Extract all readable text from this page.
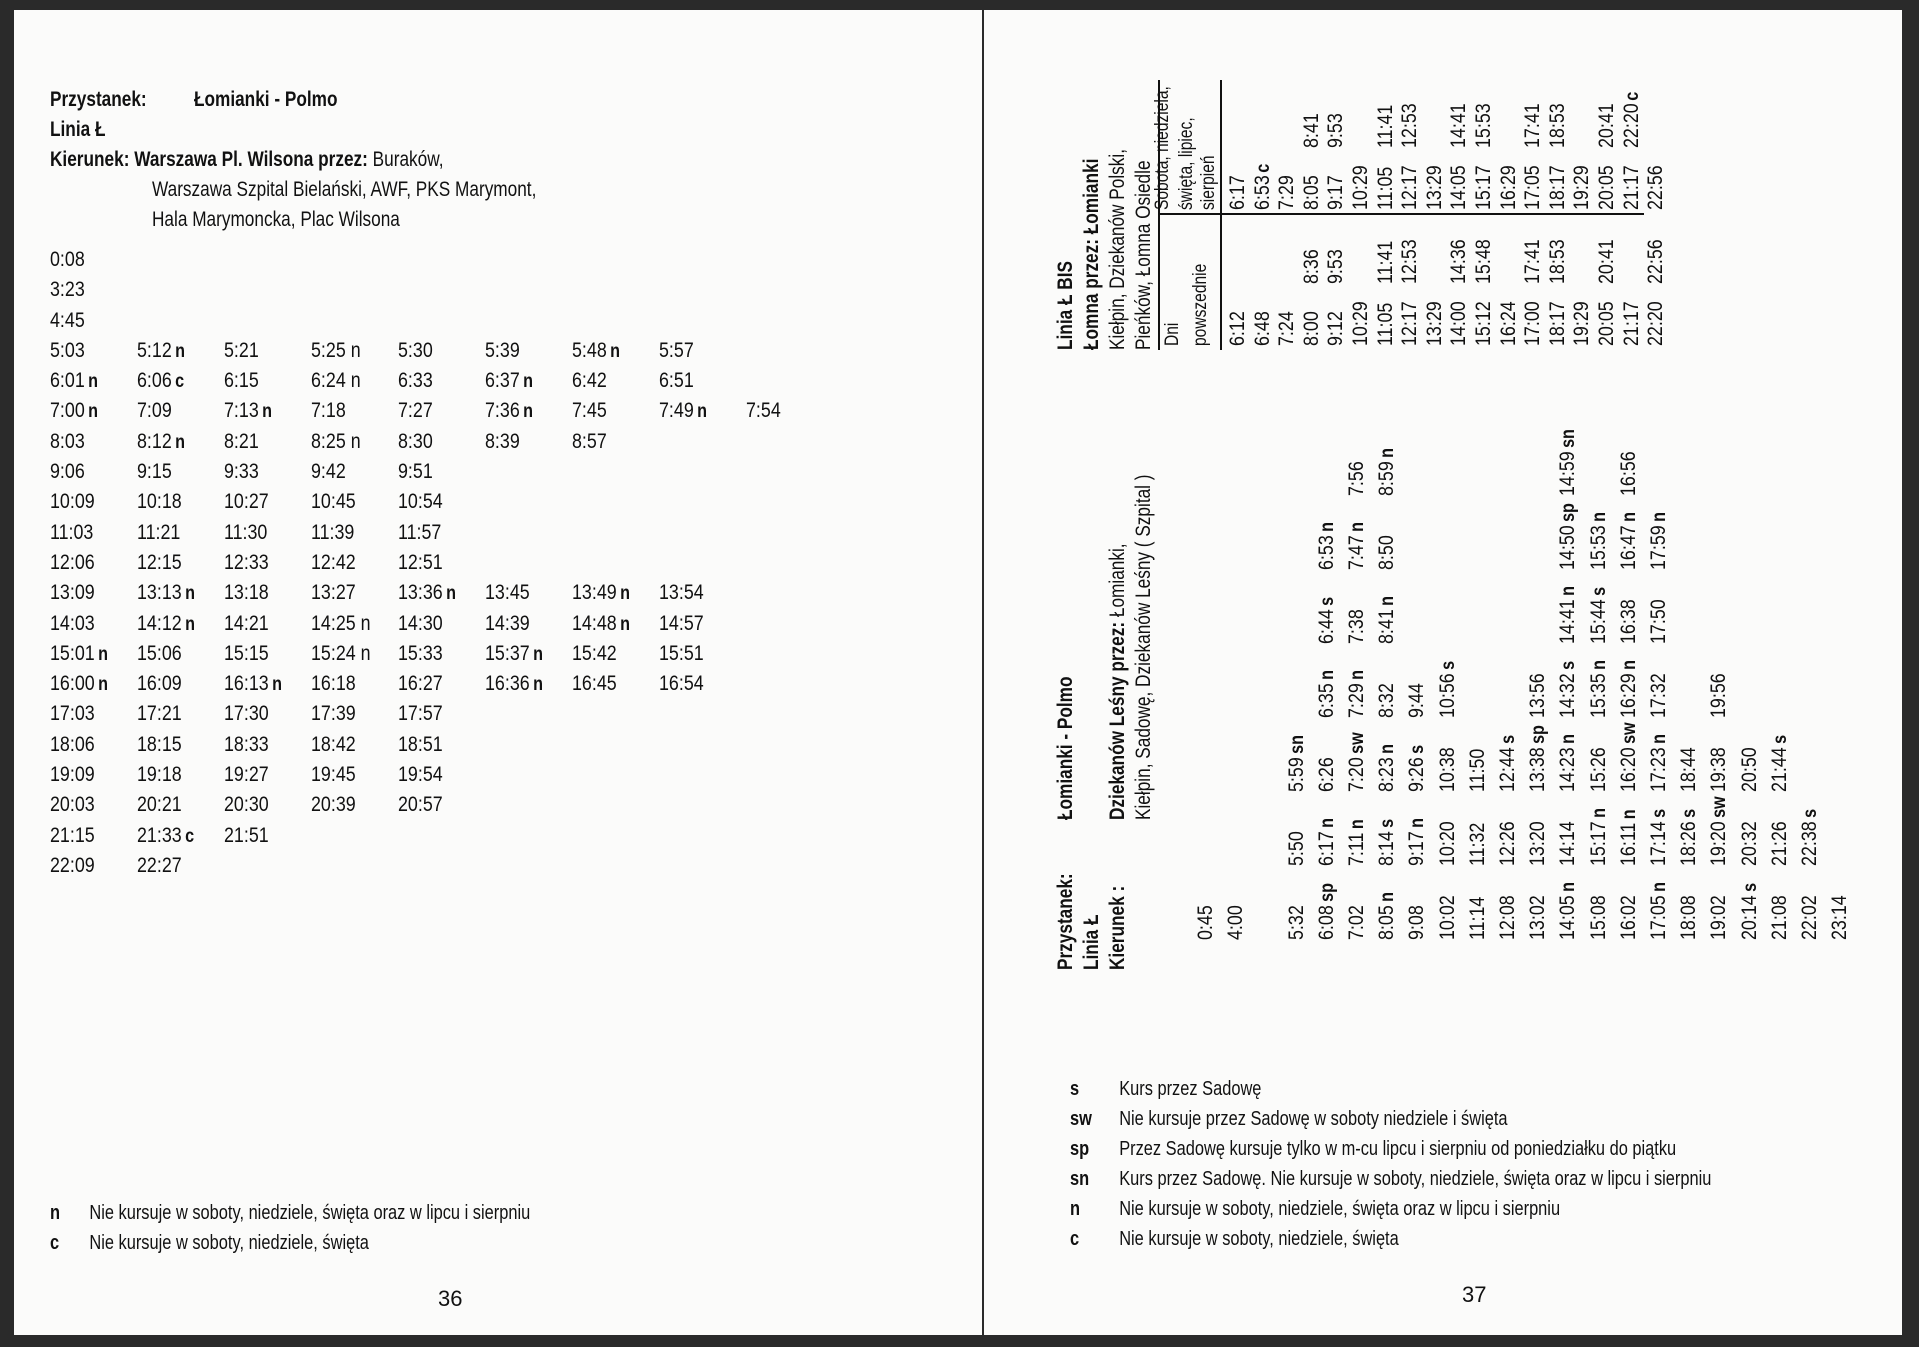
Przystanek: Łomianki - Polmo
Linia Ł
Kierunek: Warszawa Pl. Wilsona przez: Buraków,
Warszawa Szpital Bielański, AWF, PKS Marymont,
Hala Marymoncka, Plac Wilsona
0:08
3:23
4:45
5:03 5:12 n 5:21 5:25 n 5:30 5:39 5:48 n 5:57
6:01 n 6:06 c 6:15 6:24 n 6:33 6:37 n 6:42 6:51
7:00 n 7:09 7:13 n 7:18 7:27 7:36 n 7:45 7:49 n 7:54
8:03 8:12 n 8:21 8:25 n 8:30 8:39 8:57
9:06 9:15 9:33 9:42 9:51
10:09 10:18 10:27 10:45 10:54
11:03 11:21 11:30 11:39 11:57
12:06 12:15 12:33 12:42 12:51
13:09 13:13 n 13:18 13:27 13:36 n 13:45 13:49 n 13:54
14:03 14:12 n 14:21 14:25 n 14:30 14:39 14:48 n 14:57
15:01 n 15:06 15:15 15:24 n 15:33 15:37 n 15:42 15:51
16:00 n 16:09 16:13 n 16:18 16:27 16:36 n 16:45 16:54
17:03 17:21 17:30 17:39 17:57
18:06 18:15 18:33 18:42 18:51
19:09 19:18 19:27 19:45 19:54
20:03 20:21 20:30 20:39 20:57
21:15 21:33 c 21:51
22:09 22:27
n Nie kursuje w soboty, niedziele, święta oraz w lipcu i sierpniu
c Nie kursuje w soboty, niedziele, święta
36
Przystanek:
Łomianki - Polmo
Linia Ł Kierunek :
Dziekanów Leśny przez: Łomianki, Kiełpin, Sadowę, Dziekanów Leśny ( Szpital )
0:45 4:00 5:32
5:50
5:59sn
6:08sp
6:17n
6:26
6:35n
6:44s
6:53n
7:02
7:11n
7:20sw
7:29n
7:38
7:47n
7:56
8:05n
8:14s
8:23n
8:32
8:41n
8:50
8:59n
9:08
9:17n
9:26s
9:44
10:02
10:20
10:38
10:56s
11:14
11:32
11:50
12:08
12:26
12:44s
13:02
13:20
13:38sp
13:56
14:05n
14:14
14:23n
14:32s
14:41n
14:50sp
14:59sn
15:08
15:17n
15:26
15:35n
15:44s
15:53n
16:02
16:11n
16:20sw
16:29n
16:38
16:47n
16:56
17:05n
17:14s
17:23n
17:32
17:50
17:59n
18:08
18:26s
18:44
19:02
19:20sw
19:38
19:56
20:14s
20:32
20:50
21:08
21:26
21:44s
22:02
22:38s
23:14
Linia Ł BIS Łomna przez: Łomianki Kiełpin, Dziekanów Polski, Pieńków, Łomna Osiedle Dni powszednie
Sobota, niedziela, święta, lipiec, sierpień
6:12 6:48 7:24 8:00
8:36
9:12
9:53
10:29 11:05
11:41
12:17
12:53
13:29 14:00
14:36
15:12
15:48
16:24 17:00
17:41
18:17
18:53
19:29 20:05
20:41
21:17 22:20
22:56
6:17 6:53c
7:29 8:05
8:41
9:17
9:53
10:29 11:05
11:41
12:17
12:53
13:29 14:05
14:41
15:17
15:53
16:29 17:05
17:41
18:17
18:53
19:29 20:05
20:41
21:17
22:20c
22:56
s Kurs przez Sadowę
sw Nie kursuje przez Sadowę w soboty niedziele i święta
sp Przez Sadowę kursuje tylko w m-cu lipcu i sierpniu od poniedziałku do piątku
sn Kurs przez Sadowę. Nie kursuje w soboty, niedziele, święta oraz w lipcu i sierpniu
n Nie kursuje w soboty, niedziele, święta oraz w lipcu i sierpniu
c Nie kursuje w soboty, niedziele, święta
37
